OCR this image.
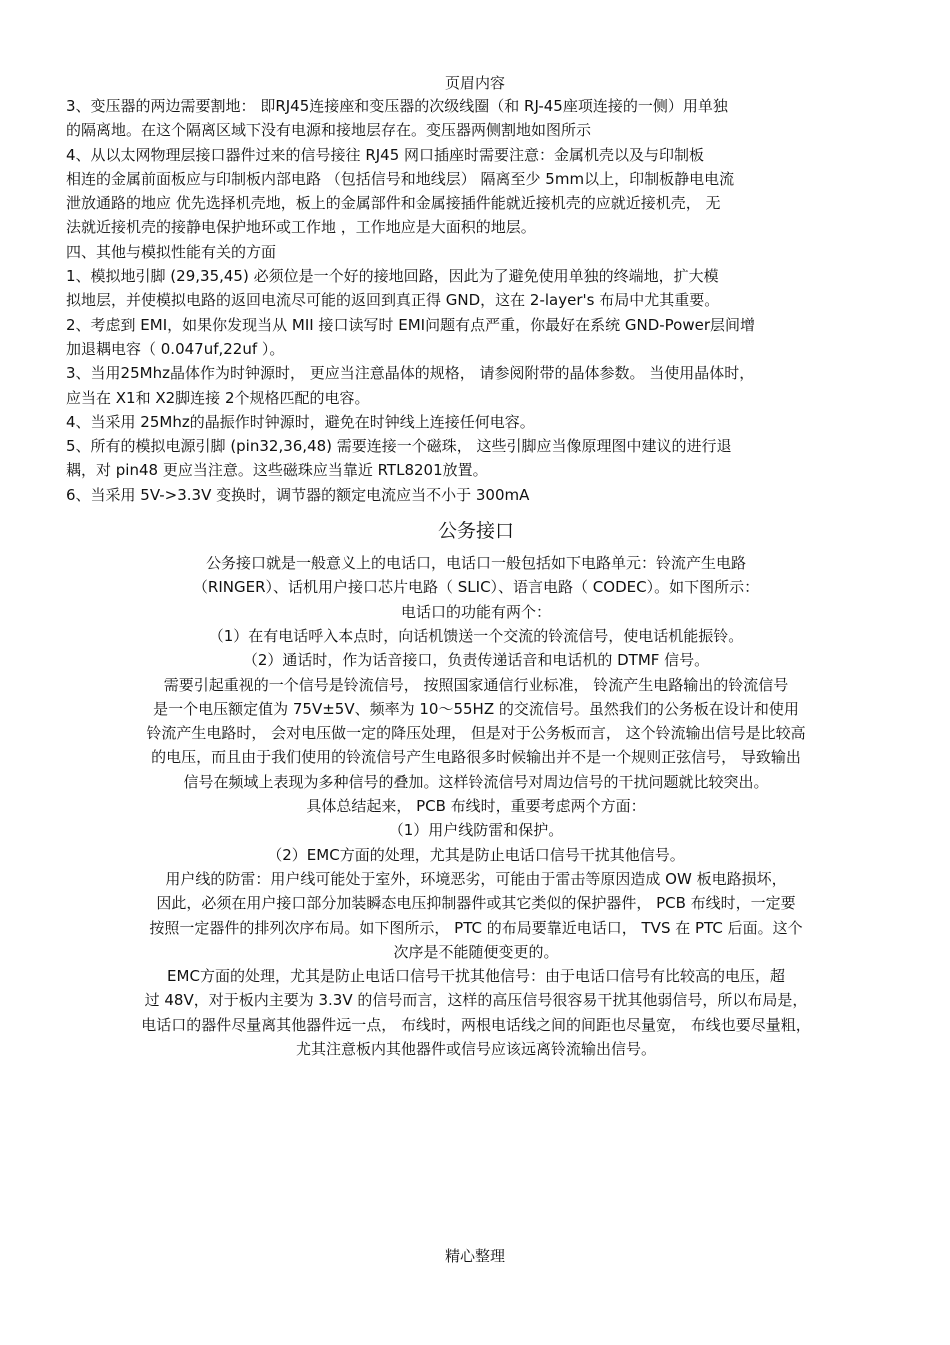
页眉内容
3、变压器的两边需要割地： 即RJ45连接座和变压器的次级线圈（和 RJ-45座项连接的一侧）用单独
的隔离地。在这个隔离区域下没有电源和接地层存在。变压器两侧割地如图所示
4、从以太网物理层接口器件过来的信号接往 RJ45 网口插座时需要注意：金属机壳以及与印制板
相连的金属前面板应与印制板内部电路 （包括信号和地线层） 隔离至少 5mm以上，印制板静电电流
泄放通路的地应 优先选择机壳地，板上的金属部件和金属接插件能就近接机壳的应就近接机壳， 无
法就近接机壳的接静电保护地环或工作地 ，工作地应是大面积的地层。
四、其他与模拟性能有关的方面
1、模拟地引脚 (29,35,45) 必须位是一个好的接地回路，因此为了避免使用单独的终端地，扩大模
拟地层，并使模拟电路的返回电流尽可能的返回到真正得 GND，这在 2-layer's 布局中尤其重要。
2、考虑到 EMI，如果你发现当从 MII 接口读写时 EMI问题有点严重，你最好在系统 GND-Power层间增
加退耦电容（ 0.047uf,22uf ）。
3、当用25Mhz晶体作为时钟源时， 更应当注意晶体的规格， 请参阅附带的晶体参数。 当使用晶体时，
应当在 X1和 X2脚连接 2个规格匹配的电容。
4、当采用 25Mhz的晶振作时钟源时，避免在时钟线上连接任何电容。
5、所有的模拟电源引脚 (pin32,36,48) 需要连接一个磁珠， 这些引脚应当像原理图中建议的进行退
耦，对 pin48 更应当注意。这些磁珠应当靠近 RTL8201放置。
6、当采用 5V->3.3V 变换时，调节器的额定电流应当不小于 300mA
公务接口
公务接口就是一般意义上的电话口，电话口一般包括如下电路单元：铃流产生电路
（RINGER）、话机用户接口芯片电路（ SLIC）、语言电路（ CODEC）。如下图所示：
电话口的功能有两个：
（1）在有电话呼入本点时，向话机馈送一个交流的铃流信号，使电话机能振铃。
（2）通话时，作为话音接口，负责传递话音和电话机的 DTMF 信号。
需要引起重视的一个信号是铃流信号， 按照国家通信行业标准， 铃流产生电路输出的铃流信号
是一个电压额定值为 75V±5V、频率为 10～55HZ 的交流信号。虽然我们的公务板在设计和使用
铃流产生电路时， 会对电压做一定的降压处理， 但是对于公务板而言， 这个铃流输出信号是比较高
的电压，而且由于我们使用的铃流信号产生电路很多时候输出并不是一个规则正弦信号， 导致输出
信号在频域上表现为多种信号的叠加。这样铃流信号对周边信号的干扰问题就比较突出。
具体总结起来， PCB 布线时，重要考虑两个方面：
（1）用户线防雷和保护。
（2）EMC方面的处理，尤其是防止电话口信号干扰其他信号。
用户线的防雷：用户线可能处于室外，环境恶劣，可能由于雷击等原因造成 OW 板电路损坏，
因此，必须在用户接口部分加装瞬态电压抑制器件或其它类似的保护器件， PCB 布线时，一定要
按照一定器件的排列次序布局。如下图所示， PTC 的布局要靠近电话口， TVS 在 PTC 后面。这个
次序是不能随便变更的。
EMC方面的处理，尤其是防止电话口信号干扰其他信号：由于电话口信号有比较高的电压，超
过 48V，对于板内主要为 3.3V 的信号而言，这样的高压信号很容易干扰其他弱信号，所以布局是，
电话口的器件尽量离其他器件远一点， 布线时，两根电话线之间的间距也尽量宽， 布线也要尽量粗，
尤其注意板内其他器件或信号应该远离铃流输出信号。
精心整理
